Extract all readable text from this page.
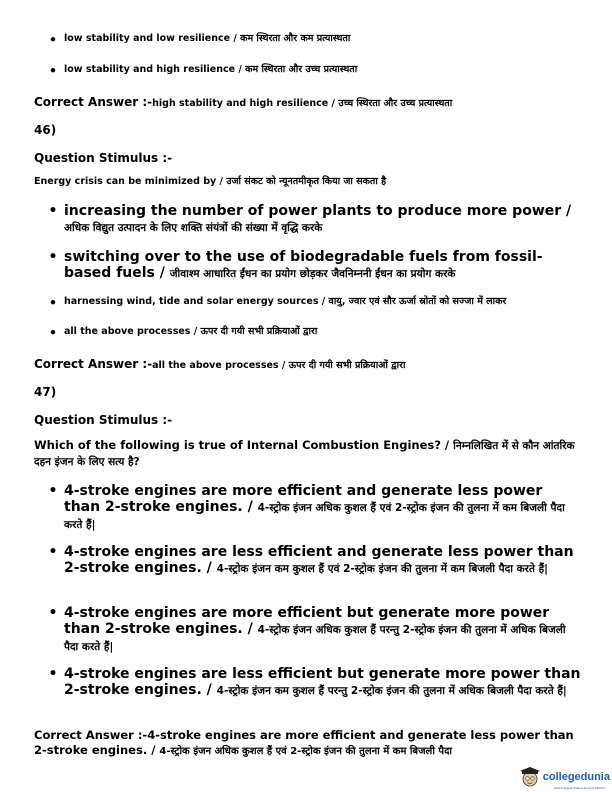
• low stability and low resilience / कम स्थिरता और कम प्रत्यास्थता
• low stability and high resilience / कम स्थिरता और उच्च प्रत्यास्थता
Correct Answer :-high stability and high resilience / उच्च स्थिरता और उच्च प्रत्यास्थता
46)
Question Stimulus :-
Energy crisis can be minimized by / उर्जा संकट को न्यूनतमीकृत किया जा सकता है
• increasing the number of power plants to produce more power / अधिक विद्युत उत्पादन के लिए शक्ति संयंत्रों की संख्या में वृद्धि करके
• switching over to the use of biodegradable fuels from fossil-based fuels / जीवाश्म आधारित ईंधन का प्रयोग छोड़कर जैवनिम्ननी ईंधन का प्रयोग करके
• harnessing wind, tide and solar energy sources / वायु, ज्वार एवं सौर ऊर्जा स्रोतों को सज्जा में लाकर
• all the above processes / ऊपर दी गयी सभी प्रक्रियाओं द्वारा
Correct Answer :-all the above processes / ऊपर दी गयी सभी प्रक्रियाओं द्वारा
47)
Question Stimulus :-
Which of the following is true of Internal Combustion Engines? / निम्नलिखित में से कौन आंतरिक दहन इंजन के लिए सत्य है?
• 4-stroke engines are more efficient and generate less power than 2-stroke engines. / 4-स्ट्रोक इंजन अधिक कुशल हैं एवं 2-स्ट्रोक इंजन की तुलना में कम बिजली पैदा करते हैं|
• 4-stroke engines are less efficient and generate less power than 2-stroke engines. / 4-स्ट्रोक इंजन कम कुशल हैं एवं 2-स्ट्रोक इंजन की तुलना में कम बिजली पैदा करते हैं|
• 4-stroke engines are more efficient but generate more power than 2-stroke engines. / 4-स्ट्रोक इंजन अधिक कुशल हैं परन्तु 2-स्ट्रोक इंजन की तुलना में अधिक बिजली पैदा करते हैं|
• 4-stroke engines are less efficient but generate more power than 2-stroke engines. / 4-स्ट्रोक इंजन कम कुशल हैं परन्तु 2-स्ट्रोक इंजन की तुलना में अधिक बिजली पैदा करते हैं|
Correct Answer :-4-stroke engines are more efficient and generate less power than 2-stroke engines. / 4-स्ट्रोक इंजन अधिक कुशल हैं एवं 2-स्ट्रोक इंजन की तुलना में कम बिजली पैदा
collegedunia
India's largest Student Review Platform
